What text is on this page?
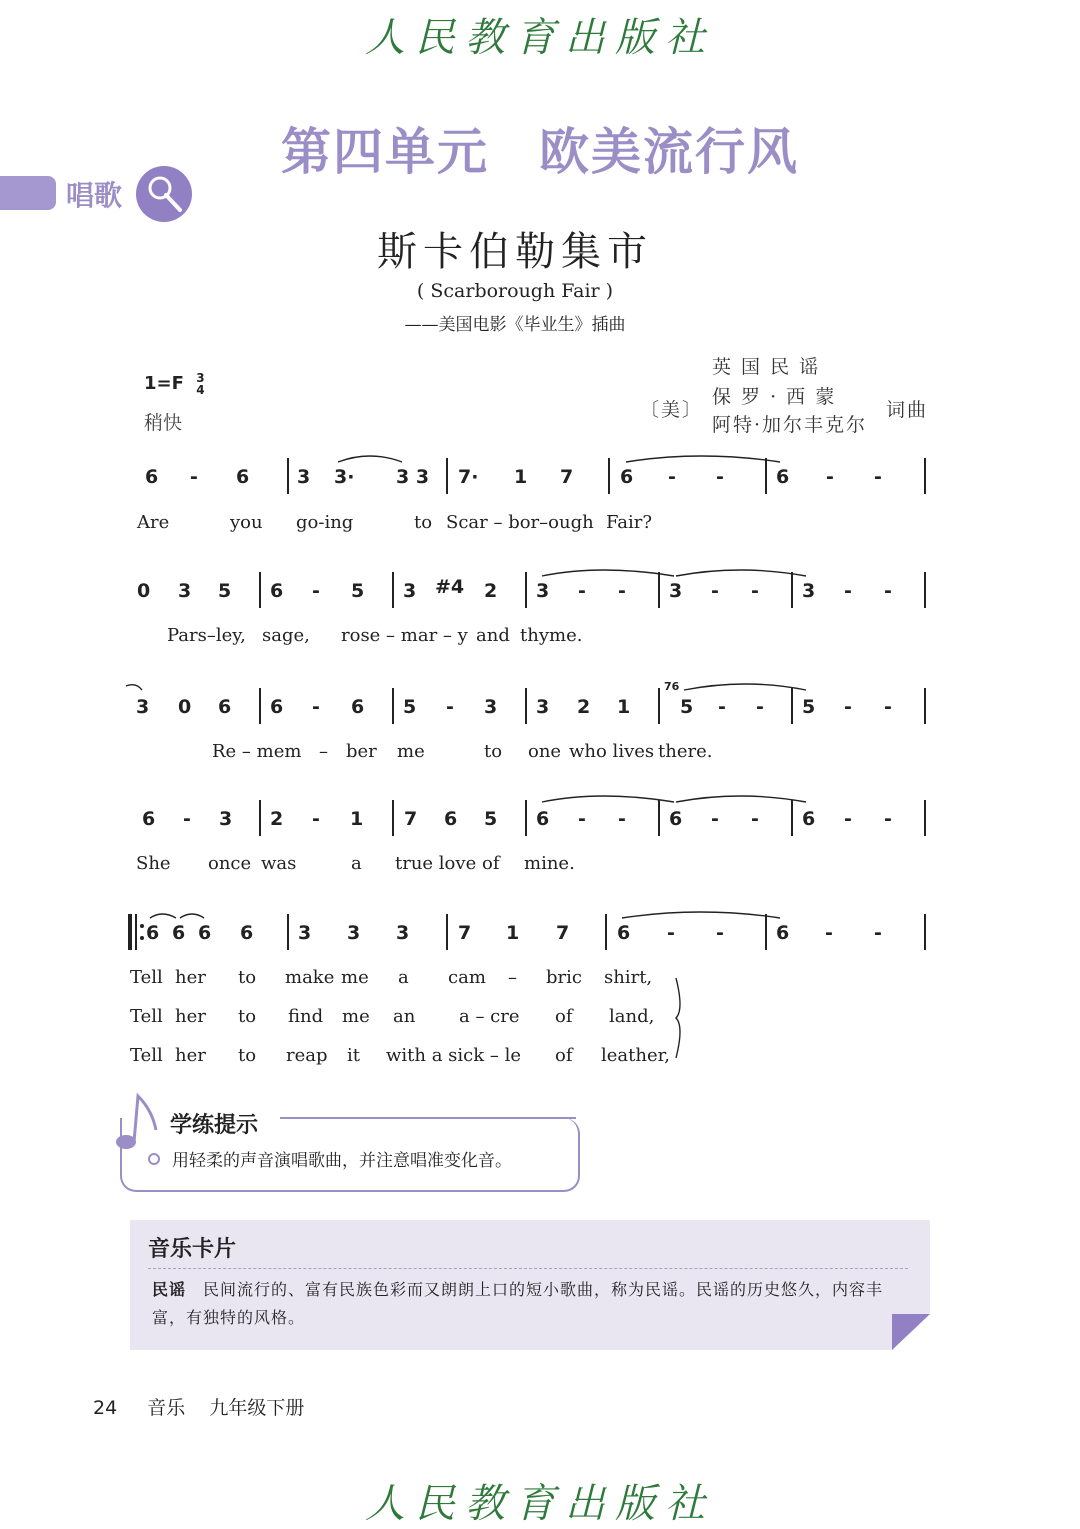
人民教育出版社
第四单元 欧美流行风
唱歌
斯卡伯勒集市
( Scarborough Fair )
——美国电影《毕业生》插曲
1=F 3
4
稍快
英 国 民 谣
〔美〕
保 罗 · 西 蒙
阿特·加尔丰克尔
词曲
6 - 6	3 3· 3 3 7· 1 7 6 - -	6 - -
Are	you go-ing	to Scar – bor–ough Fair?
0 3 5 6 - 5 3 #4 2 3 - - 3 - - 3 - -
Pars–ley, sage, rose – mar – y and thyme.
3 0 6 6 - 6 5 - 3 3 2 1
76
5 - - 5 - -
Re – mem – ber me	to one who lives there.
6 - 3 2 - 1 7 6 5 6 - - 6 - - 6 - -
She once was	a true love of mine.
6 6 6 6 3 3 3	7 1 7	6 - -	6 - -
Tell her to make me a cam – bric shirt,
Tell her to find me an a – cre of land,
Tell her to reap it with a sick – le of leather,
学练提示
用轻柔的声音演唱歌曲，并注意唱准变化音。
音乐卡片
民谣　 民间流行的、富有民族色彩而又朗朗上口的短小歌曲，称为民谣。民谣的历史悠久，内容丰富，有独特的风格。
24 音乐 九年级下册
人民教育出版社
